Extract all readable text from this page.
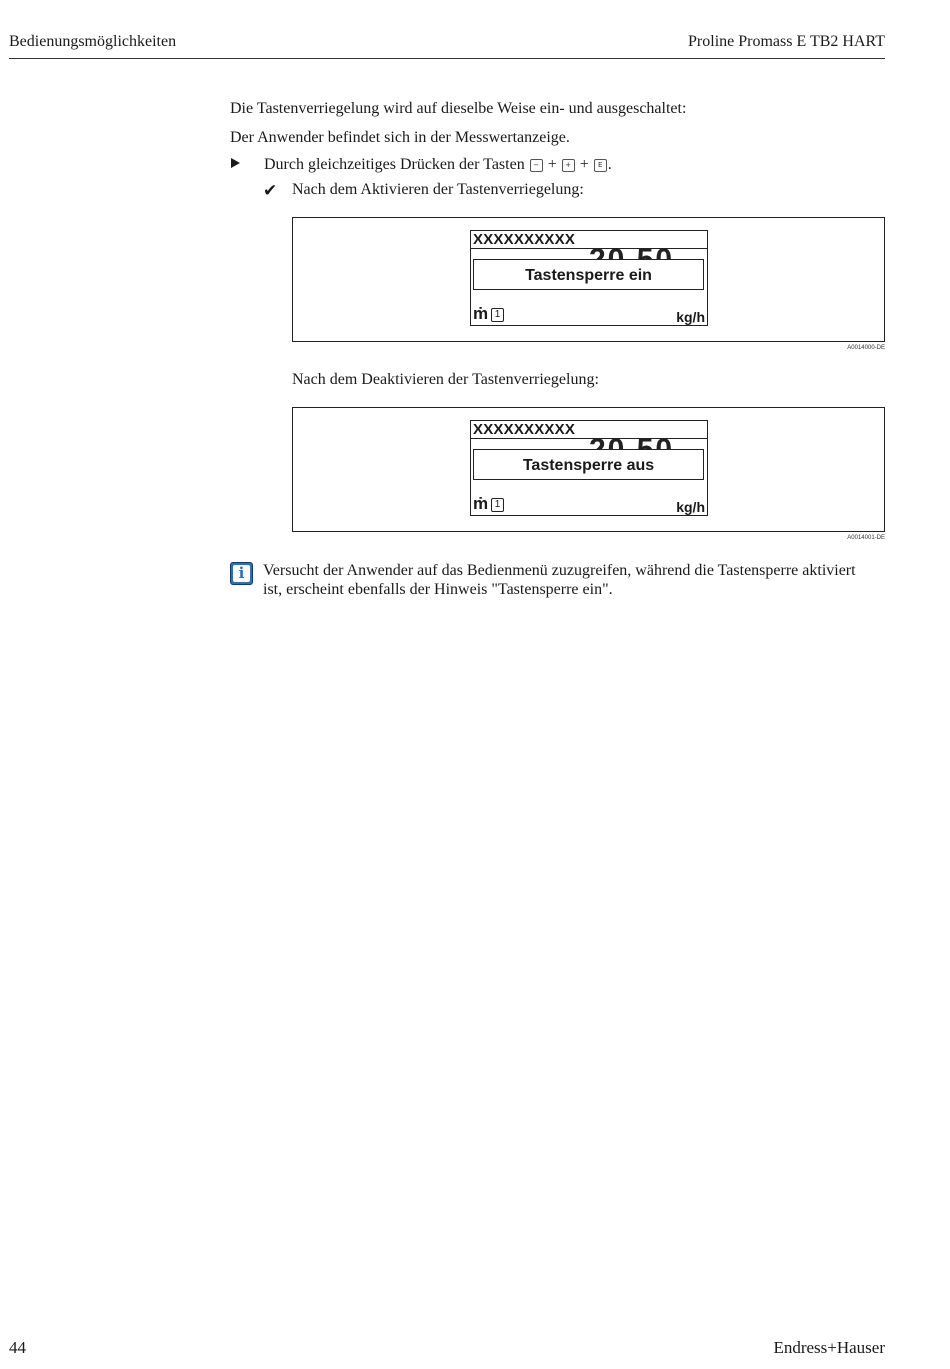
Bedienungsmöglichkeiten	Proline Promass E TB2 HART
Die Tastenverriegelung wird auf dieselbe Weise ein- und ausgeschaltet:
Der Anwender befindet sich in der Messwertanzeige.
Durch gleichzeitiges Drücken der Tasten − + + + E .
✔ Nach dem Aktivieren der Tastenverriegelung:
XXXXXXXXXX
Tastensperre ein
ṁ 1	kg/h
A0014000-DE
Nach dem Deaktivieren der Tastenverriegelung:
XXXXXXXXXX
Tastensperre aus
ṁ 1	kg/h
A0014001-DE
i	Versucht der Anwender auf das Bedienmenü zuzugreifen, während die Tastensperre aktiviert
ist, erscheint ebenfalls der Hinweis "Tastensperre ein".
44	Endress+Hauser
